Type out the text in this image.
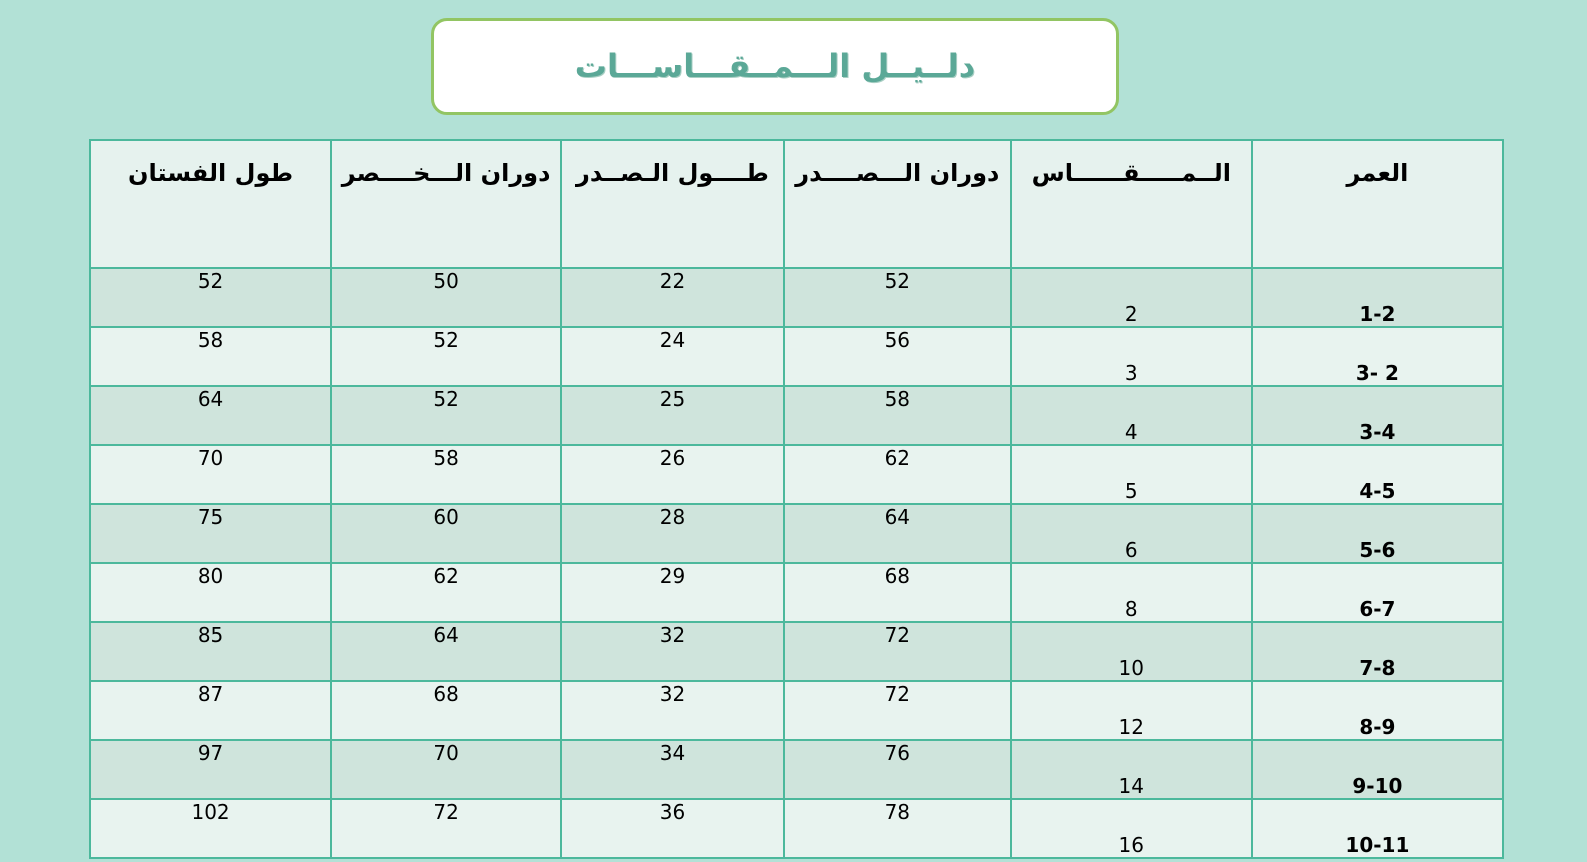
دلــيــل الـــمــقـــاســـات
العمر	الــمـــــقــــــاس	دوران الـــصــــدر	طــــول الـصــدر	دوران الـــخــــصر	طول الفستان
1-2	2	52	22	50	52
2 -3	3	56	24	52	58
3-4	4	58	25	52	64
4-5	5	62	26	58	70
5-6	6	64	28	60	75
6-7	8	68	29	62	80
7-8	10	72	32	64	85
8-9	12	72	32	68	87
9-10	14	76	34	70	97
10-11	16	78	36	72	102
